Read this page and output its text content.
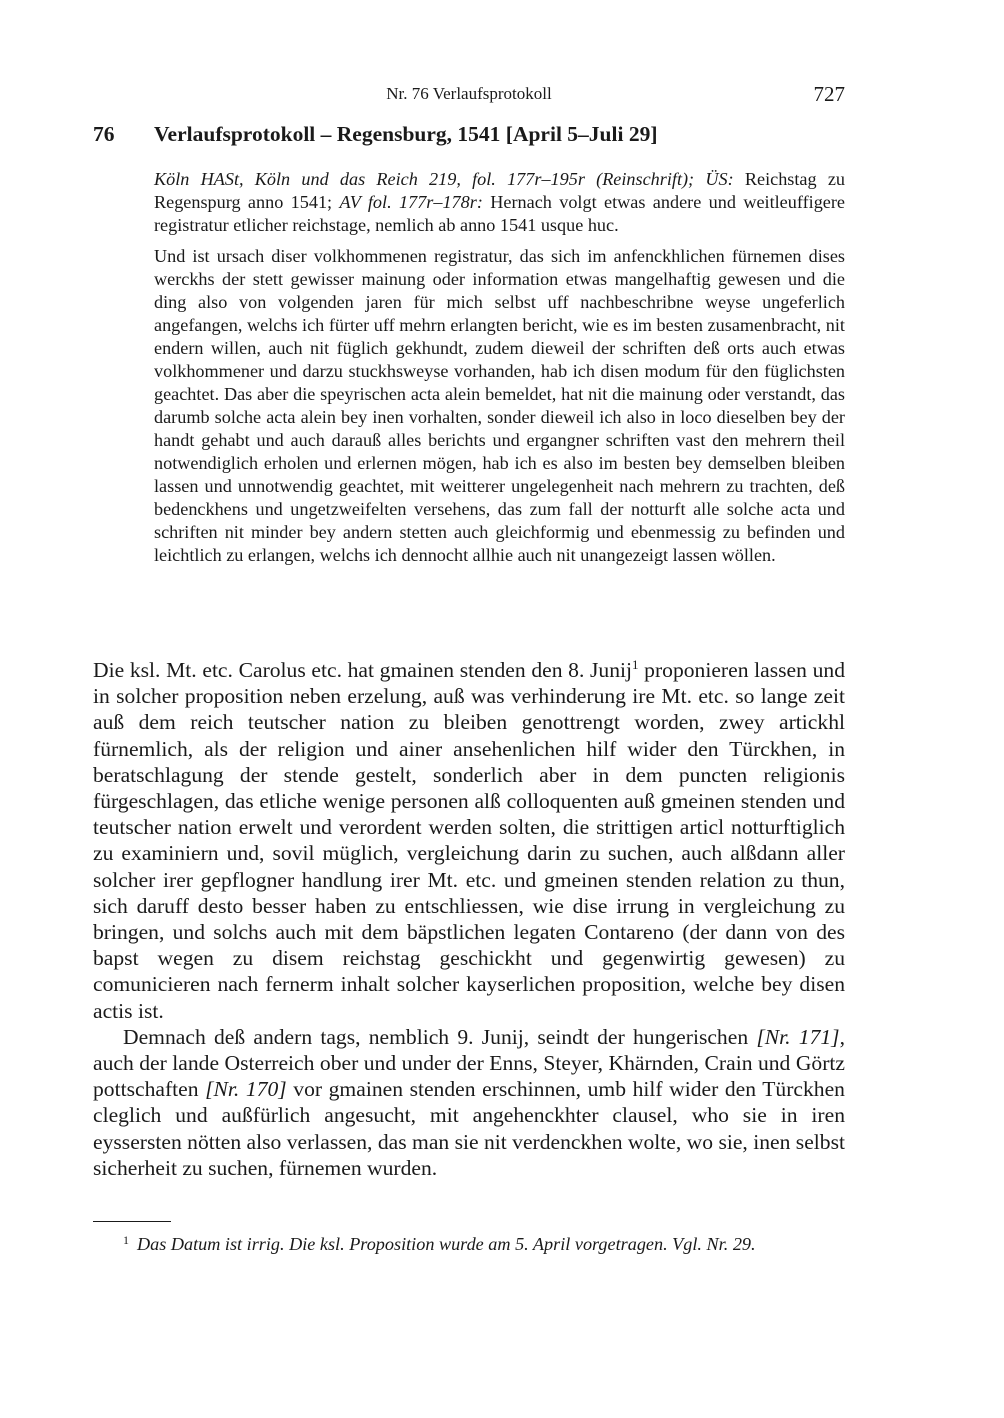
Nr. 76 Verlaufsprotokoll	727
76 Verlaufsprotokoll – Regensburg, 1541 [April 5–Juli 29]
Köln HASt, Köln und das Reich 219, fol. 177r–195r (Reinschrift); ÜS: Reichstag zu Regenspurg anno 1541; AV fol. 177r–178r: Hernach volgt etwas andere und weitleuffigere registratur etlicher reichstage, nemlich ab anno 1541 usque huc.
Und ist ursach diser volkhommenen registratur, das sich im anfenckhlichen fürnemen dises werckhs der stett gewisser mainung oder information etwas mangelhaftig gewesen und die ding also von volgenden jaren für mich selbst uff nachbeschribne weyse ungeferlich angefangen, welchs ich fürter uff mehrn erlangten bericht, wie es im besten zusamenbracht, nit endern willen, auch nit füglich gekhundt, zudem dieweil der schriften deß orts auch etwas volkhommener und darzu stuckhsweyse vorhanden, hab ich disen modum für den füglichsten geachtet. Das aber die speyrischen acta alein bemeldet, hat nit die mainung oder verstandt, das darumb solche acta alein bey inen vorhalten, sonder dieweil ich also in loco dieselben bey der handt gehabt und auch darauß alles berichts und ergangner schriften vast den mehrern theil notwendiglich erholen und erlernen mögen, hab ich es also im besten bey demselben bleiben lassen und unnotwendig geachtet, mit weitterer ungelegenheit nach mehrern zu trachten, deß bedenckhens und ungetzweifelten versehens, das zum fall der notturft alle solche acta und schriften nit minder bey andern stetten auch gleichformig und ebenmessig zu befinden und leichtlich zu erlangen, welchs ich dennocht allhie auch nit unangezeigt lassen wöllen.

Die ksl. Mt. etc. Carolus etc. hat gmainen stenden den 8. Junij$^1$ proponieren lassen und in solcher proposition neben erzelung, auß was verhinderung ire Mt. etc. so lange zeit auß dem reich teutscher nation zu bleiben genottrengt worden, zwey artickhl fürnemlich, als der religion und ainer ansehenlichen hilf wider den Türckhen, in beratschlagung der stende gestelt, sonderlich aber in dem puncten religionis fürgeschlagen, das etliche wenige personen alß colloquenten auß gmeinen stenden und teutscher nation erwelt und verordent werden solten, die strittigen articl notturftiglich zu examiniern und, sovil müglich, vergleichung darin zu suchen, auch alßdann aller solcher irer gepflogner handlung irer Mt. etc. und gmeinen stenden relation zu thun, sich daruff desto besser haben zu entschliessen, wie dise irrung in vergleichung zu bringen, und solchs auch mit dem bäpstlichen legaten Contareno (der dann von des bapst wegen zu disem reichstag geschickht und gegenwirtig gewesen) zu comunicieren nach fernerm inhalt solcher kayserlichen proposition, welche bey disen actis ist.

Demnach deß andern tags, nemblich 9. Junij, seindt der hungerischen [Nr. 171], auch der lande Osterreich ober und under der Enns, Steyer, Khärnden, Crain und Görtz pottschaften [Nr. 170] vor gmainen stenden erschinnen, umb hilf wider den Türckhen cleglich und außfürlich angesucht, mit angehenckhter clausel, who sie in iren eyssersten nötten also verlassen, das man sie nit verdenckhen wolte, wo sie, inen selbst sicherheit zu suchen, fürnemen wurden.

$^1$ Das Datum ist irrig. Die ksl. Proposition wurde am 5. April vorgetragen. Vgl. Nr. 29.
